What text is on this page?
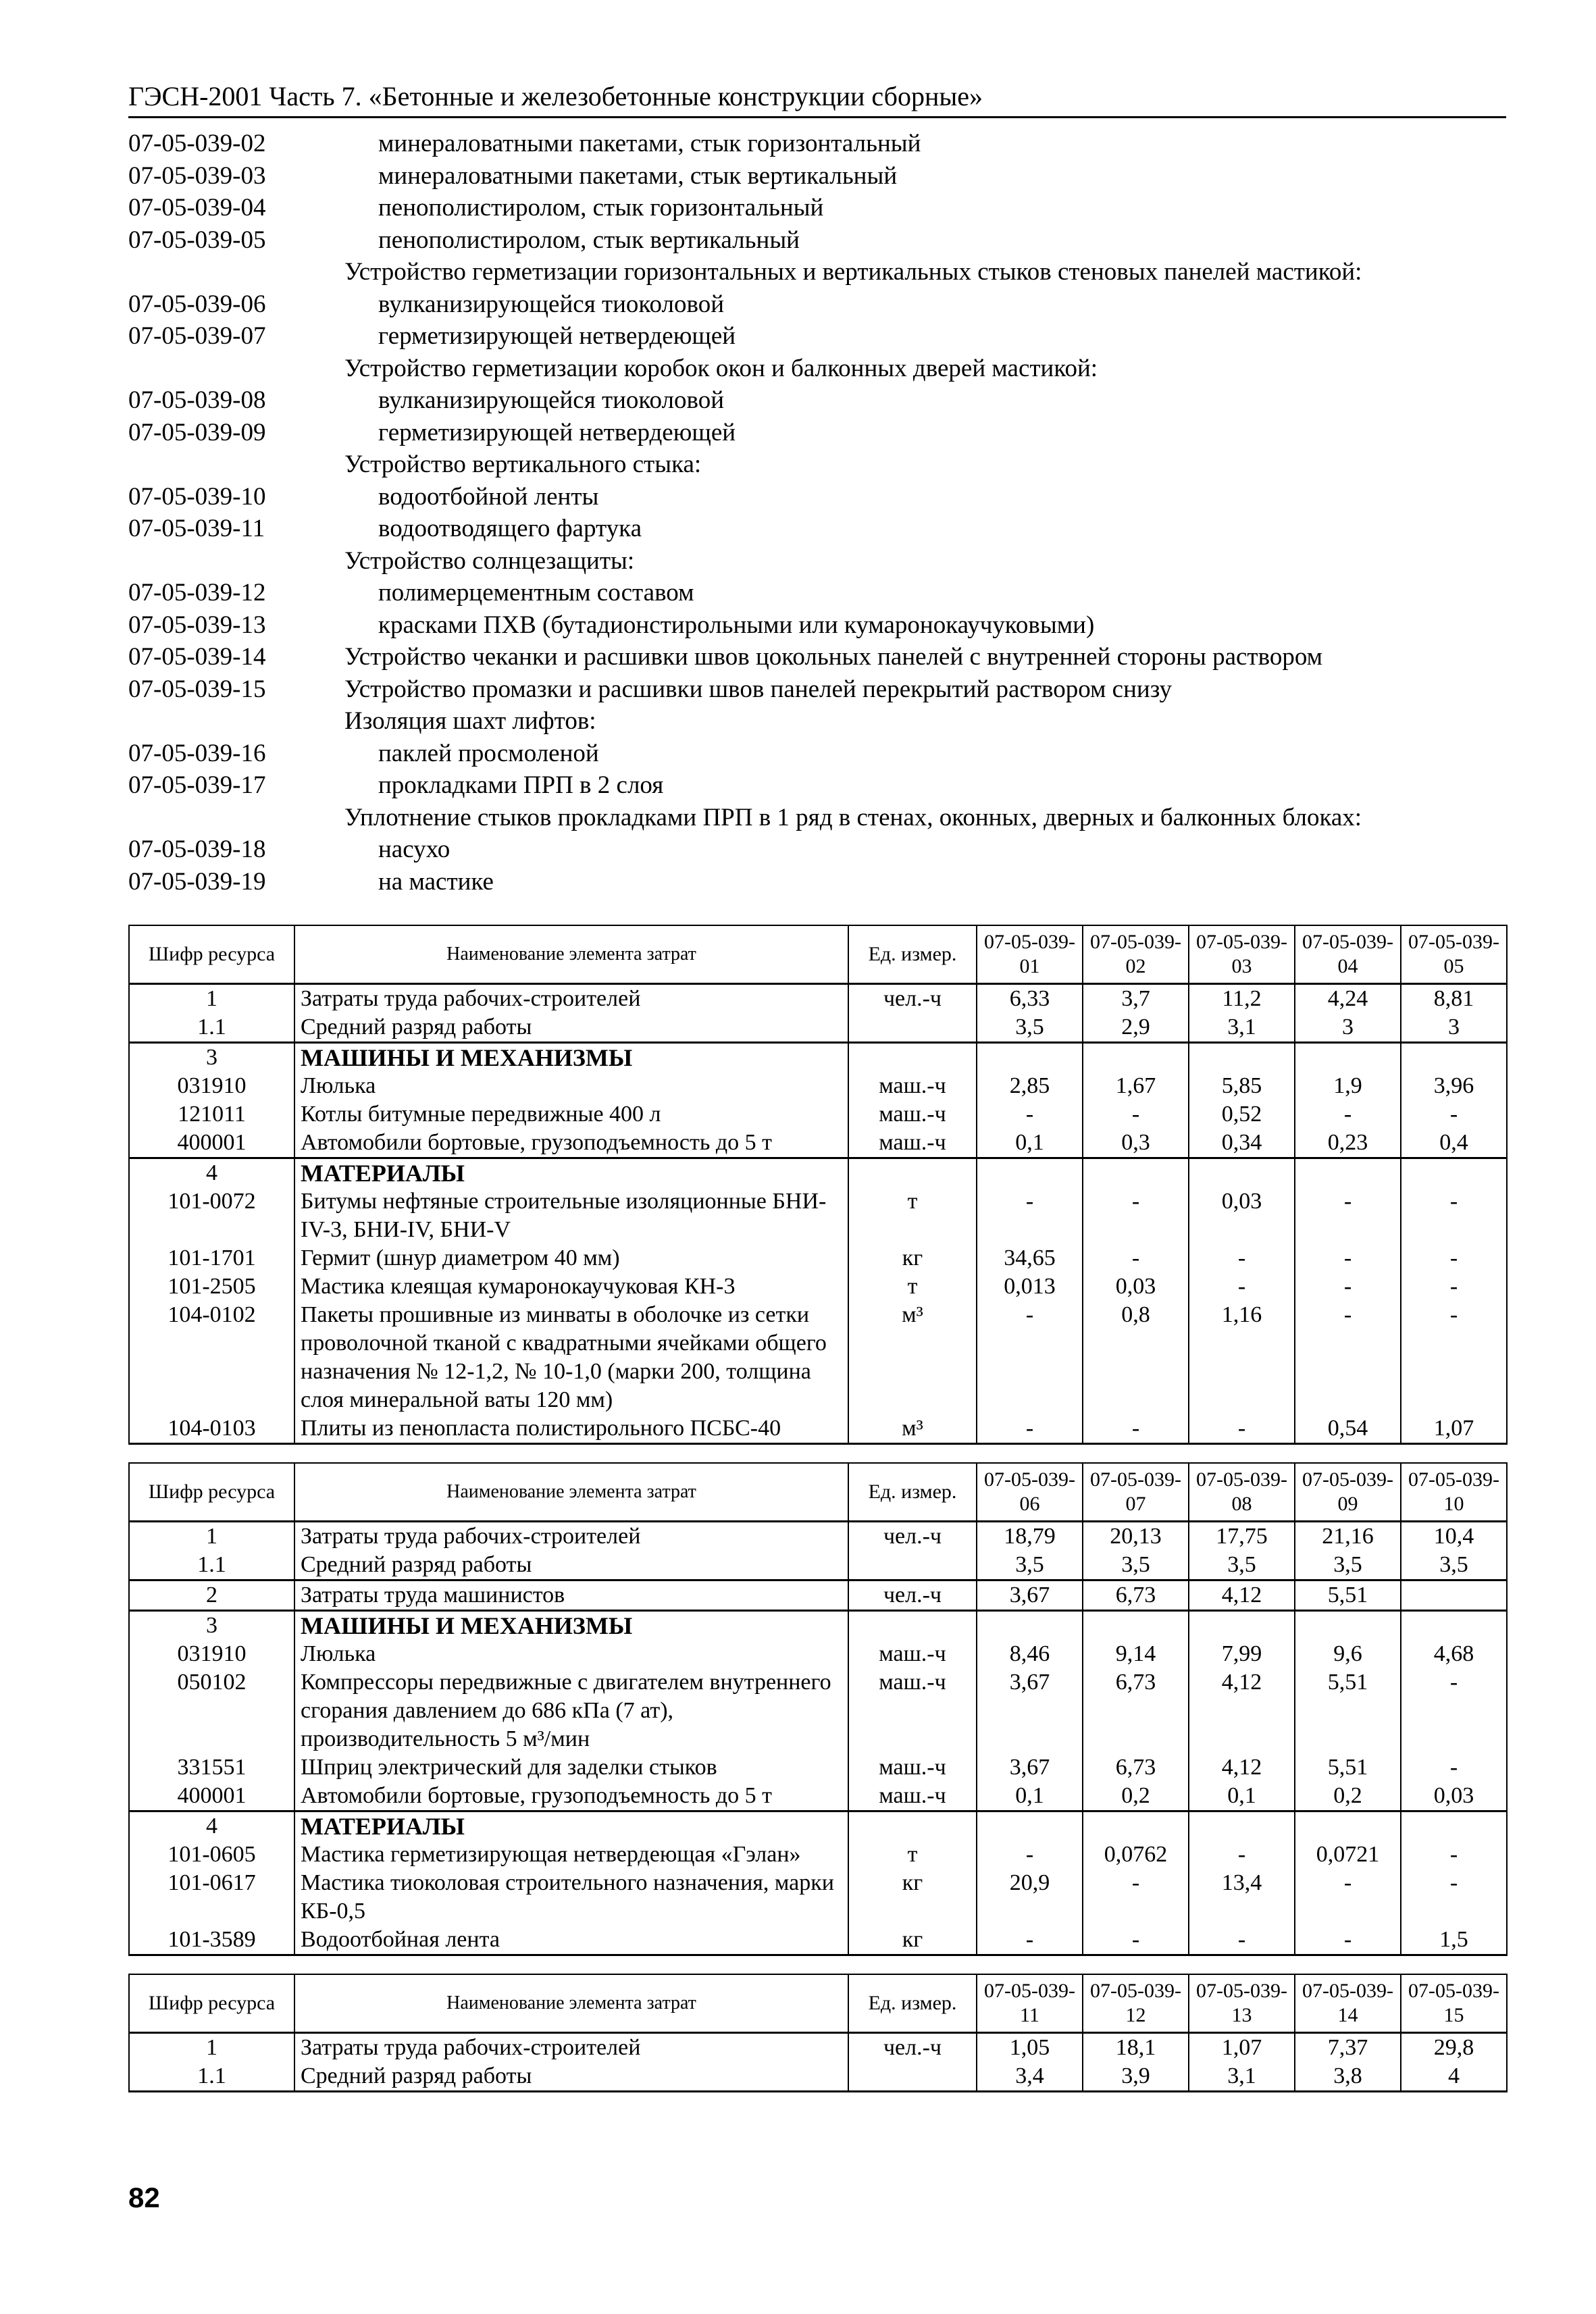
ГЭСН-2001 Часть 7. «Бетонные и железобетонные конструкции сборные»
07-05-039-02	минераловатными пакетами, стык горизонтальный
07-05-039-03	минераловатными пакетами, стык вертикальный
07-05-039-04	пенополистиролом, стык горизонтальный
07-05-039-05	пенополистиролом, стык вертикальный
Устройство герметизации горизонтальных и вертикальных стыков стеновых панелей мастикой:
07-05-039-06	вулканизирующейся тиоколовой
07-05-039-07	герметизирующей нетвердеющей
Устройство герметизации коробок окон и балконных дверей мастикой:
07-05-039-08	вулканизирующейся тиоколовой
07-05-039-09	герметизирующей нетвердеющей
Устройство вертикального стыка:
07-05-039-10	водоотбойной ленты
07-05-039-11	водоотводящего фартука
Устройство солнцезащиты:
07-05-039-12	полимерцементным составом
07-05-039-13	красками ПХВ (бутадионстирольными или кумаронокаучуковыми)
07-05-039-14	Устройство чеканки и расшивки швов цокольных панелей с внутренней стороны раствором
07-05-039-15	Устройство промазки и расшивки швов панелей перекрытий раствором снизу
Изоляция шахт лифтов:
07-05-039-16	паклей просмоленой
07-05-039-17	прокладками ПРП в 2 слоя
Уплотнение стыков прокладками ПРП в 1 ряд в стенах, оконных, дверных и балконных блоках:
07-05-039-18	насухо
07-05-039-19	на мастике
Шифр ресурса	Наименование элемента затрат	Ед. измер.	07-05-039-01	07-05-039-02	07-05-039-03	07-05-039-04	07-05-039-05
1	Затраты труда рабочих-строителей	чел.-ч	6,33	3,7	11,2	4,24	8,81
1.1	Средний разряд работы		3,5	2,9	3,1	3	3
3	МАШИНЫ И МЕХАНИЗМЫ						
031910	Люлька	маш.-ч	2,85	1,67	5,85	1,9	3,96
121011	Котлы битумные передвижные 400 л	маш.-ч	-	-	0,52	-	-
400001	Автомобили бортовые, грузоподъемность до 5 т	маш.-ч	0,1	0,3	0,34	0,23	0,4
4	МАТЕРИАЛЫ						
101-0072	Битумы нефтяные строительные изоляционные БНИ-IV-3, БНИ-IV, БНИ-V	т	-	-	0,03	-	-
101-1701	Гермит (шнур диаметром 40 мм)	кг	34,65	-	-	-	-
101-2505	Мастика клеящая кумаронокаучуковая КН-3	т	0,013	0,03	-	-	-
104-0102	Пакеты прошивные из минваты в оболочке из сетки проволочной тканой с квадратными ячейками общего назначения № 12-1,2, № 10-1,0 (марки 200, толщина слоя минеральной ваты 120 мм)	м³	-	0,8	1,16	-	-
104-0103	Плиты из пенопласта полистирольного ПСБС-40	м³	-	-	-	0,54	1,07
Шифр ресурса	Наименование элемента затрат	Ед. измер.	07-05-039-06	07-05-039-07	07-05-039-08	07-05-039-09	07-05-039-10
1	Затраты труда рабочих-строителей	чел.-ч	18,79	20,13	17,75	21,16	10,4
1.1	Средний разряд работы		3,5	3,5	3,5	3,5	3,5
2	Затраты труда машинистов	чел.-ч	3,67	6,73	4,12	5,51	
3	МАШИНЫ И МЕХАНИЗМЫ						
031910	Люлька	маш.-ч	8,46	9,14	7,99	9,6	4,68
050102	Компрессоры передвижные с двигателем внутреннего сгорания давлением до 686 кПа (7 ат), производительность 5 м³/мин	маш.-ч	3,67	6,73	4,12	5,51	-
331551	Шприц электрический для заделки стыков	маш.-ч	3,67	6,73	4,12	5,51	-
400001	Автомобили бортовые, грузоподъемность до 5 т	маш.-ч	0,1	0,2	0,1	0,2	0,03
4	МАТЕРИАЛЫ						
101-0605	Мастика герметизирующая нетвердеющая «Гэлан»	т	-	0,0762	-	0,0721	-
101-0617	Мастика тиоколовая строительного назначения, марки КБ-0,5	кг	20,9	-	13,4	-	-
101-3589	Водоотбойная лента	кг	-	-	-	-	1,5
Шифр ресурса	Наименование элемента затрат	Ед. измер.	07-05-039-11	07-05-039-12	07-05-039-13	07-05-039-14	07-05-039-15
1	Затраты труда рабочих-строителей	чел.-ч	1,05	18,1	1,07	7,37	29,8
1.1	Средний разряд работы		3,4	3,9	3,1	3,8	4
82
